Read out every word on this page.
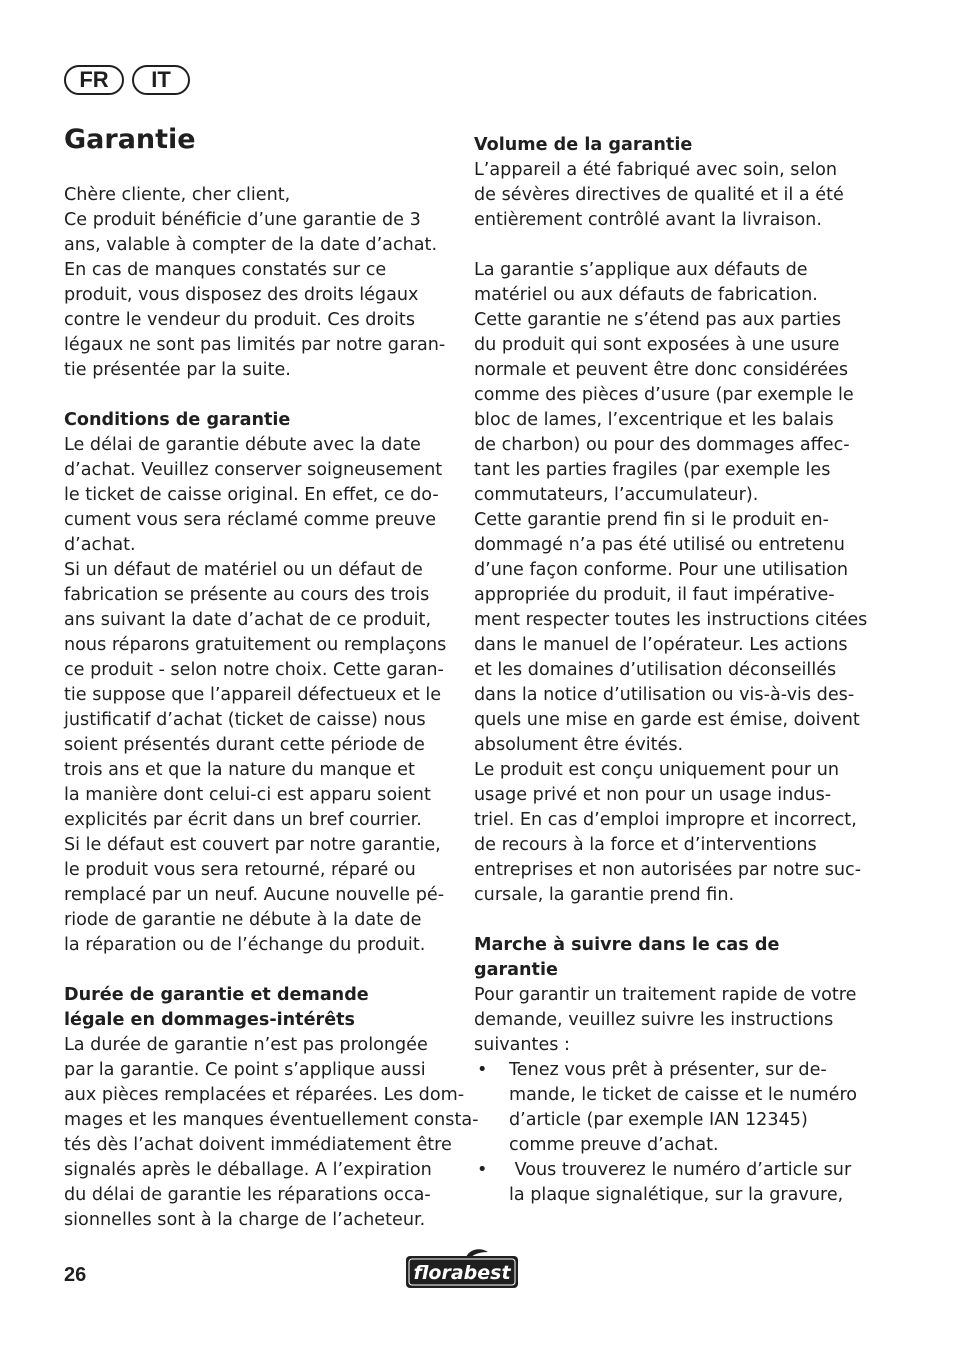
FR	IT
Garantie
Chère cliente, cher client,
Ce produit bénéficie d’une garantie de 3
ans, valable à compter de la date d’achat.
En cas de manques constatés sur ce
produit, vous disposez des droits légaux
contre le vendeur du produit. Ces droits
légaux ne sont pas limités par notre garan-
tie présentée par la suite.
Conditions de garantie
Le délai de garantie débute avec la date
d’achat. Veuillez conserver soigneusement
le ticket de caisse original. En effet, ce do-
cument vous sera réclamé comme preuve
d’achat.
Si un défaut de matériel ou un défaut de
fabrication se présente au cours des trois
ans suivant la date d’achat de ce produit,
nous réparons gratuitement ou remplaçons
ce produit - selon notre choix. Cette garan-
tie suppose que l’appareil défectueux et le
justificatif d’achat (ticket de caisse) nous
soient présentés durant cette période de
trois ans et que la nature du manque et
la manière dont celui-ci est apparu soient
explicités par écrit dans un bref courrier.
Si le défaut est couvert par notre garantie,
le produit vous sera retourné, réparé ou
remplacé par un neuf. Aucune nouvelle pé-
riode de garantie ne débute à la date de
la réparation ou de l’échange du produit.
Durée de garantie et demande
légale en dommages-intérêts
La durée de garantie n’est pas prolongée
par la garantie. Ce point s’applique aussi
aux pièces remplacées et réparées. Les dom-
mages et les manques éventuellement consta-
tés dès l’achat doivent immédiatement être
signalés après le déballage. A l’expiration
du délai de garantie les réparations occa-
sionnelles sont à la charge de l’acheteur.
Volume de la garantie
L’appareil a été fabriqué avec soin, selon
de sévères directives de qualité et il a été
entièrement contrôlé avant la livraison.
La garantie s’applique aux défauts de
matériel ou aux défauts de fabrication.
Cette garantie ne s’étend pas aux parties
du produit qui sont exposées à une usure
normale et peuvent être donc considérées
comme des pièces d’usure (par exemple le
bloc de lames, l’excentrique et les balais
de charbon) ou pour des dommages affec-
tant les parties fragiles (par exemple les
commutateurs, l’accumulateur).
Cette garantie prend fin si le produit en-
dommagé n’a pas été utilisé ou entretenu
d’une façon conforme. Pour une utilisation
appropriée du produit, il faut impérative-
ment respecter toutes les instructions citées
dans le manuel de l’opérateur. Les actions
et les domaines d’utilisation déconseillés
dans la notice d’utilisation ou vis-à-vis des-
quels une mise en garde est émise, doivent
absolument être évités.
Le produit est conçu uniquement pour un
usage privé et non pour un usage indus-
triel. En cas d’emploi impropre et incorrect,
de recours à la force et d’interventions
entreprises et non autorisées par notre suc-
cursale, la garantie prend fin.
Marche à suivre dans le cas de
garantie
Pour garantir un traitement rapide de votre
demande, veuillez suivre les instructions
suivantes :
• Tenez vous prêt à présenter, sur de-
mande, le ticket de caisse et le numéro
d’article (par exemple IAN 12345)
comme preuve d’achat.
• Vous trouverez le numéro d’article sur
la plaque signalétique, sur la gravure,
26	florabest
